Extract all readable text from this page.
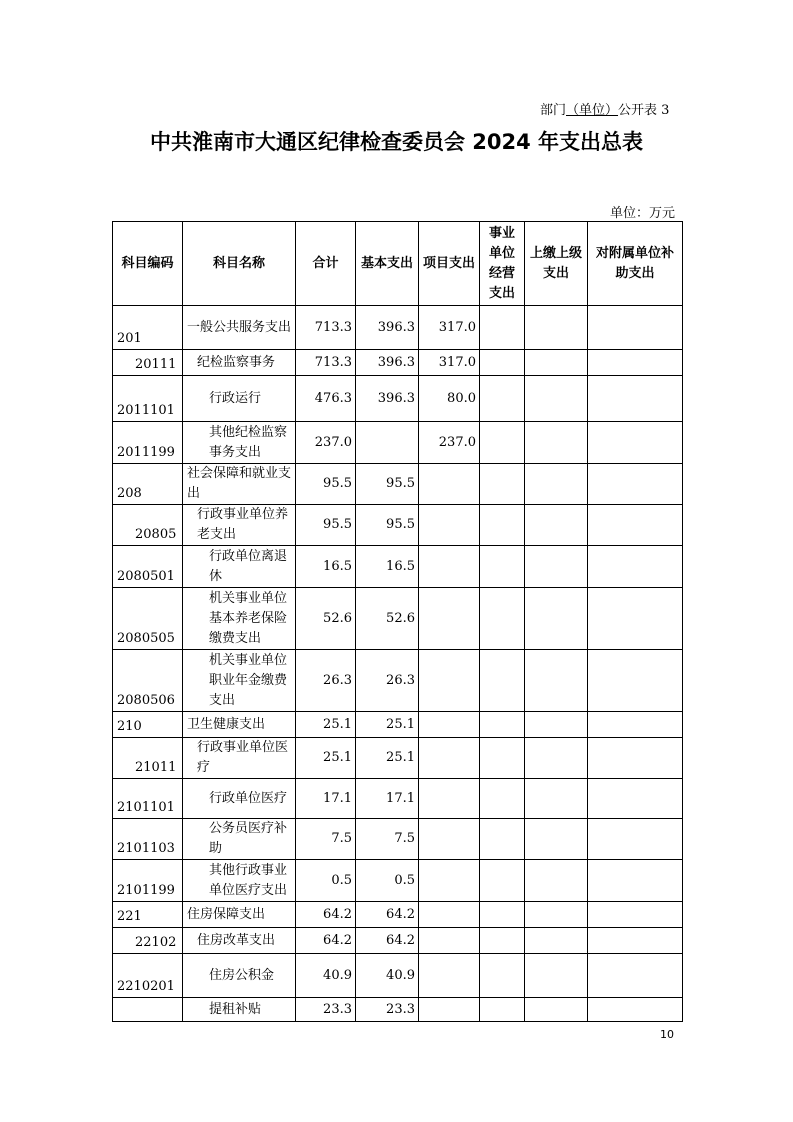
部门（单位）公开表 3
中共淮南市大通区纪律检查委员会 2024 年支出总表
单位：万元
科目编码	科目名称	合计	基本支出	项目支出	事业单位经营支出	上缴上级支出	对附属单位补助支出
201	一般公共服务支出	713.3	396.3	317.0			
20111	纪检监察事务	713.3	396.3	317.0			
2011101	行政运行	476.3	396.3	80.0			
2011199	其他纪检监察事务支出	237.0		237.0			
208	社会保障和就业支出	95.5	95.5				
20805	行政事业单位养老支出	95.5	95.5				
2080501	行政单位离退休	16.5	16.5				
2080505	机关事业单位基本养老保险缴费支出	52.6	52.6				
2080506	机关事业单位职业年金缴费支出	26.3	26.3				
210	卫生健康支出	25.1	25.1				
21011	行政事业单位医疗	25.1	25.1				
2101101	行政单位医疗	17.1	17.1				
2101103	公务员医疗补助	7.5	7.5				
2101199	其他行政事业单位医疗支出	0.5	0.5				
221	住房保障支出	64.2	64.2				
22102	住房改革支出	64.2	64.2				
2210201	住房公积金	40.9	40.9				
	提租补贴	23.3	23.3				
10
